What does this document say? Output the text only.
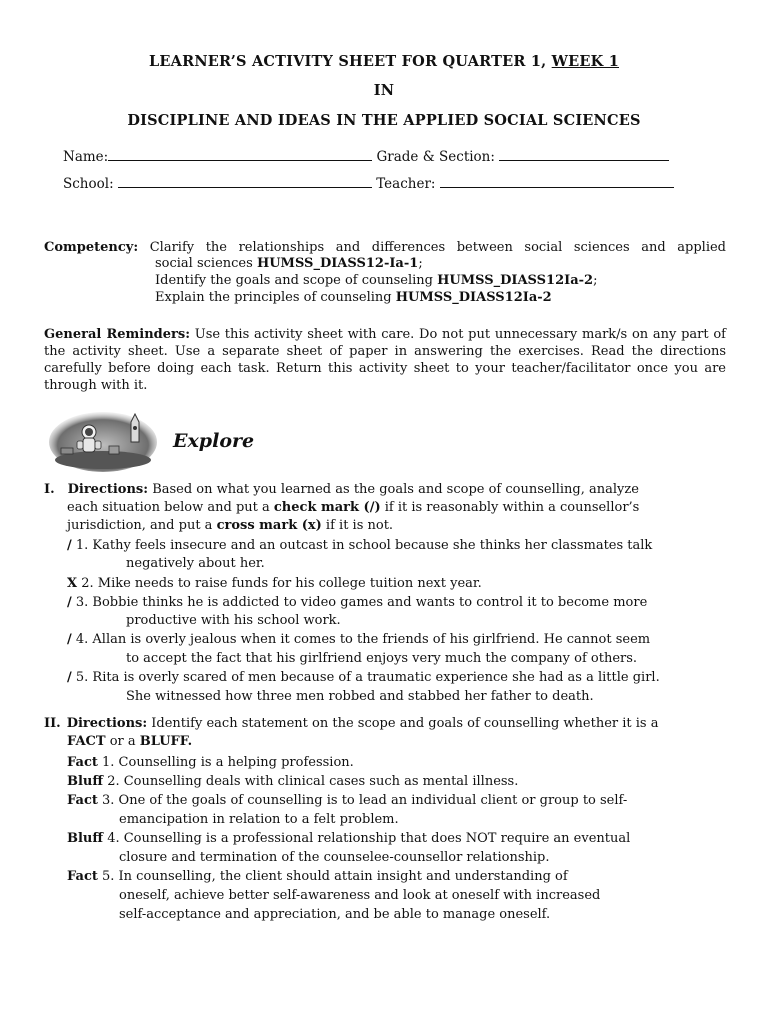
LEARNER’S ACTIVITY SHEET FOR QUARTER 1, WEEK 1
IN
DISCIPLINE AND IDEAS IN THE APPLIED SOCIAL SCIENCES
Name:	Grade & Section:
School:	Teacher:
Competency: Clarify the relationships and differences between social sciences and applied
social sciences HUMSS_DIASS12-Ia-1;
Identify the goals and scope of counseling HUMSS_DIASS12Ia-2;
Explain the principles of counseling HUMSS_DIASS12Ia-2
General Reminders: Use this activity sheet with care. Do not put unnecessary mark/s on any part of the activity sheet. Use a separate sheet of paper in answering the exercises. Read the directions carefully before doing each task. Return this activity sheet to your teacher/facilitator once you are through with it.
Explore
I. Directions: Based on what you learned as the goals and scope of counselling, analyze
each situation below and put a check mark (/) if it is reasonably within a counsellor’s
jurisdiction, and put a cross mark (x) if it is not.
/ 1. Kathy feels insecure and an outcast in school because she thinks her classmates talk
negatively about her.
X 2. Mike needs to raise funds for his college tuition next year.
/ 3. Bobbie thinks he is addicted to video games and wants to control it to become more
productive with his school work.
/ 4. Allan is overly jealous when it comes to the friends of his girlfriend. He cannot seem
to accept the fact that his girlfriend enjoys very much the company of others.
/ 5. Rita is overly scared of men because of a traumatic experience she had as a little girl.
She witnessed how three men robbed and stabbed her father to death.
II. Directions: Identify each statement on the scope and goals of counselling whether it is a
FACT or a BLUFF.
Fact 1. Counselling is a helping profession.
Bluff 2. Counselling deals with clinical cases such as mental illness.
Fact 3. One of the goals of counselling is to lead an individual client or group to self-
emancipation in relation to a felt problem.
Bluff 4. Counselling is a professional relationship that does NOT require an eventual
closure and termination of the counselee-counsellor relationship.
Fact 5. In counselling, the client should attain insight and understanding of
oneself, achieve better self-awareness and look at oneself with increased
self-acceptance and appreciation, and be able to manage oneself.
